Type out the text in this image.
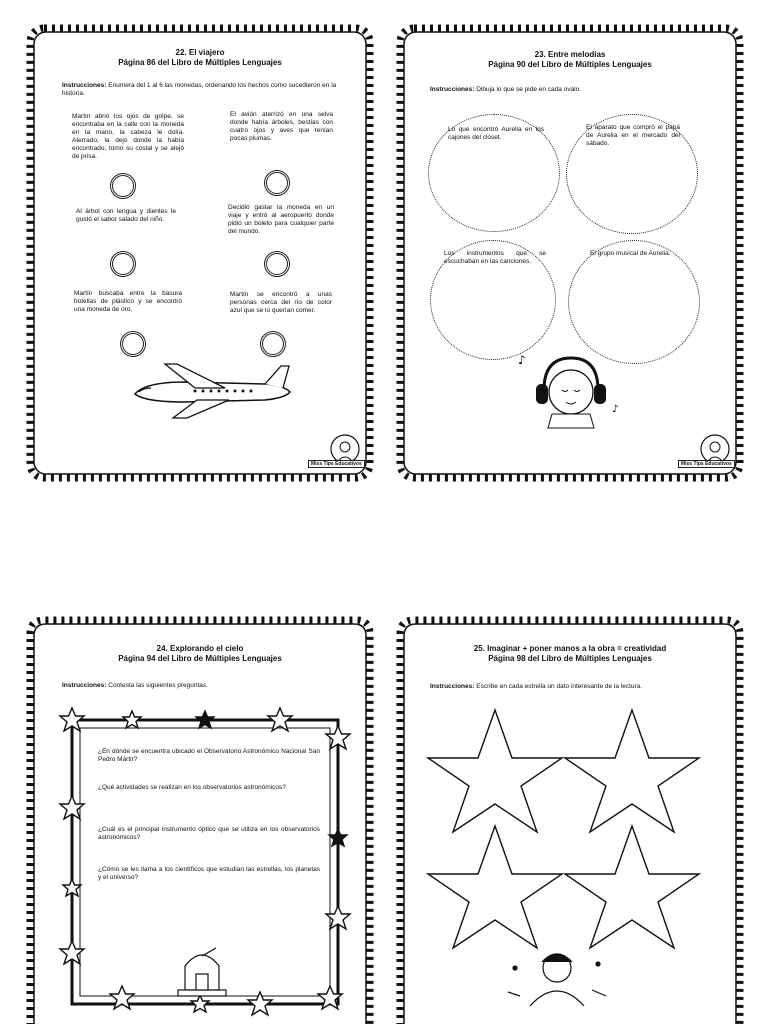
22. El viajero
Página 86 del Libro de Múltiples Lenguajes
Instrucciones: Enumera del 1 al 6 las monedas, ordenando los hechos como sucedieron en la historia.
Martín abrió los ojos de golpe, se encontraba en la calle con la moneda en la mano, la cabeza le dolía. Aterrado, la dejó donde la había encontrado, tomó su costal y se alejó de prisa.
El avión aterrizó en una selva donde había árboles, bestias con cuatro ojos y aves que tenían pocas plumas.
Al árbol con lengua y dientes le gustó el sabor salado del niño.
Decidió gastar la moneda en un viaje y entró al aeropuerto donde pidió un boleto para cualquier parte del mundo.
Martín buscaba entre la basura botellas de plástico y se encontró una moneda de oro.
Martín se encontró a unas personas cerca del río de color azul que se lo querían comer.
Miss Tips Educativos
23. Entre melodías
Página 90 del Libro de Múltiples Lenguajes
Instrucciones: Dibuja lo que se pide en cada ovalo.
Lo que encontró Aurelia en los cajones del clóset.
El aparato que compró el papá de Aurelia en el mercado del sábado.
Los instrumentos que se escuchaban en las canciones.
El grupo musical de Aurelia.
♪
♪
Miss Tips Educativos
24. Explorando el cielo
Página 94 del Libro de Múltiples Lenguajes
Instrucciones: Contesta las siguientes preguntas.
¿En dónde se encuentra ubicado el Observatorio Astronómico Nacional San Pedro Mártir?
¿Qué actividades se realizan en los observatorios astronómicos?
¿Cuál es el principal instrumento óptico que se utiliza en los observatorios astronómicos?
¿Cómo se les llama a los científicos que estudian las estrellas, los planetas y el universo?
25. Imaginar + poner manos a la obra = creatividad
Página 98 del Libro de Múltiples Lenguajes
Instrucciones: Escribe en cada estrella un dato interesante de la lectura.
